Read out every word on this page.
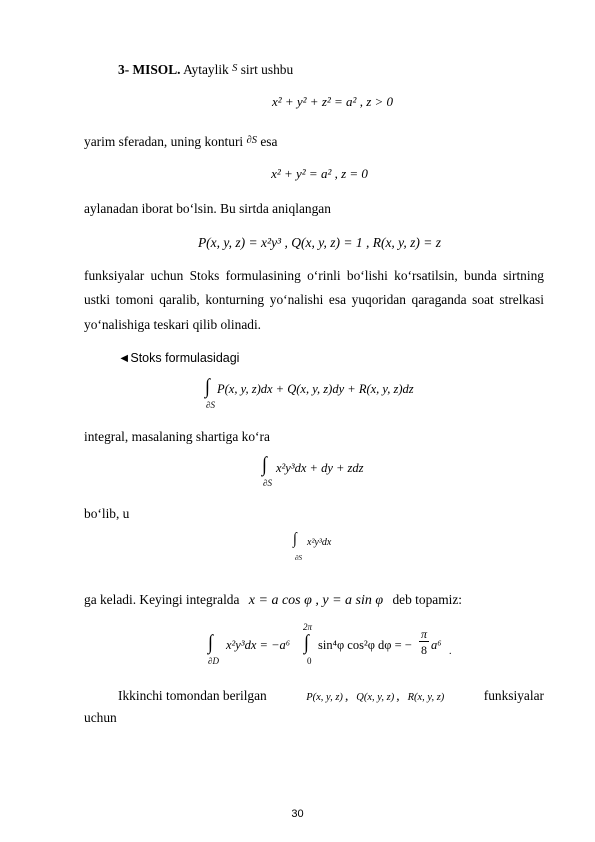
3- MISOL. Aytaylik $^S$ sirt ushbu
x² + y² + z² = a² , z > 0
yarim sferadan, uning konturi $^{\partial S}$ esa
x² + y² = a² , z = 0
aylanadan iborat bo‘lsin. Bu sirtda aniqlangan
P(x, y, z) = x²y³ , Q(x, y, z) = 1 , R(x, y, z) = z
funksiyalar uchun Stoks formulasining o‘rinli bo‘lishi ko‘rsatilsin, bunda sirtning
ustki tomoni qaralib, konturning yo‘nalishi esa yuqoridan qaraganda soat strelkasi
yo‘nalishiga teskari qilib olinadi.
◄Stoks formulasidagi
∫
∂S
P(x, y, z)dx + Q(x, y, z)dy + R(x, y, z)dz
integral, masalaning shartiga ko‘ra
∫
∂S
x²y³dx + dy + zdz
bo‘lib, u
∫
∂S
x²y³dx
ga keladi. Keyingi integralda x = a cos φ , y = a sin φ deb topamiz:
∫
∂D
x²y³dx = −a⁶
2π
∫
0
sin⁴φ cos²φ dφ = −
π
8 a⁶ .
Ikkinchi tomondan berilgan	P(x, y, z) , Q(x, y, z) , R(x, y, z)	funksiyalar
uchun
30
